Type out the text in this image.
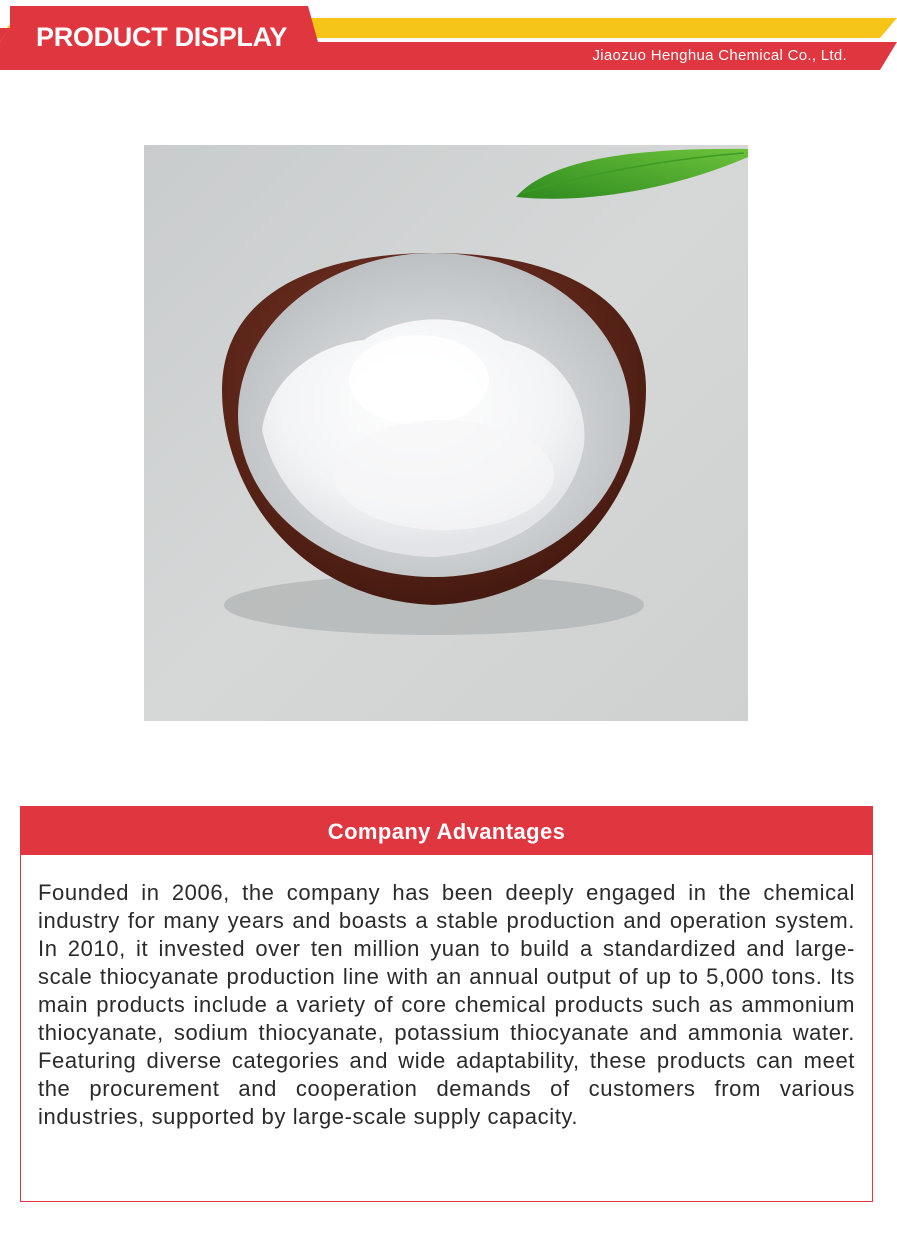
PRODUCT DISPLAY
Jiaozuo Henghua Chemical Co., Ltd.
Company Advantages
Founded in 2006, the company has been deeply engaged in the chemical industry for many years and boasts a stable production and operation system. In 2010, it invested over ten million yuan to build a standardized and large-scale thiocyanate production line with an annual output of up to 5,000 tons. Its main products include a variety of core chemical products such as ammonium thiocyanate, sodium thiocyanate, potassium thiocyanate and ammonia water. Featuring diverse categories and wide adaptability, these products can meet the procurement and cooperation demands of customers from various industries, supported by large-scale supply capacity.
